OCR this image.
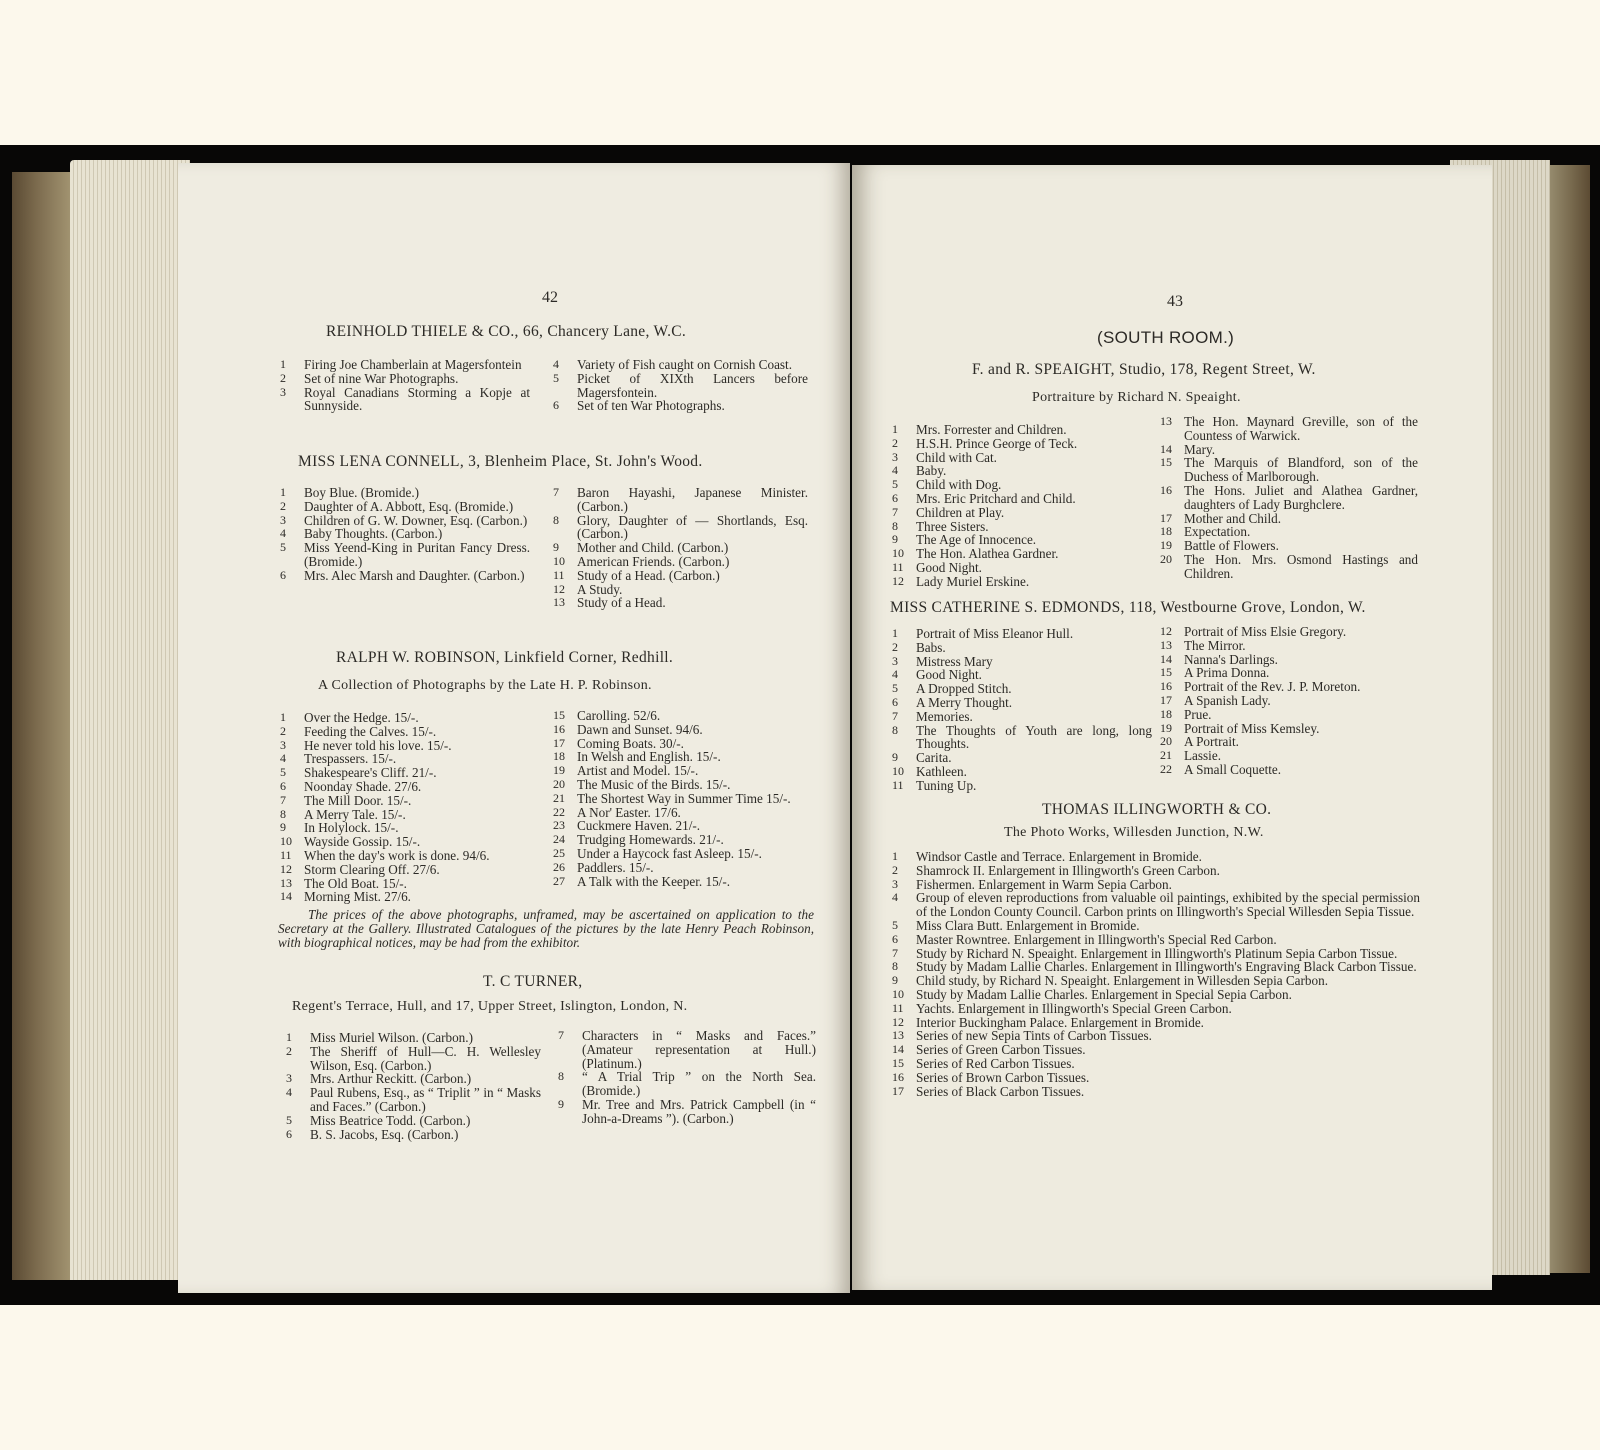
42
REINHOLD THIELE & CO., 66, Chancery Lane, W.C.
1	Firing Joe Chamberlain at Magersfontein
2	Set of nine War Photographs.
3	Royal Canadians Storming a Kopje at Sunnyside.
4	Variety of Fish caught on Cornish Coast.
5	Picket of XIXth Lancers before Magersfontein.
6	Set of ten War Photographs.
MISS LENA CONNELL, 3, Blenheim Place, St. John's Wood.
1	Boy Blue. (Bromide.)
2	Daughter of A. Abbott, Esq. (Bromide.)
3	Children of G. W. Downer, Esq. (Carbon.)
4	Baby Thoughts. (Carbon.)
5	Miss Yeend-King in Puritan Fancy Dress. (Bromide.)
6	Mrs. Alec Marsh and Daughter. (Carbon.)
7	Baron Hayashi, Japanese Minister. (Carbon.)
8	Glory, Daughter of — Shortlands, Esq. (Carbon.)
9	Mother and Child. (Carbon.)
10 American Friends. (Carbon.)
11 Study of a Head. (Carbon.)
12 A Study.
13 Study of a Head.
RALPH W. ROBINSON, Linkfield Corner, Redhill.
A Collection of Photographs by the Late H. P. Robinson.
1	Over the Hedge. 15/-.
2	Feeding the Calves. 15/-.
3	He never told his love. 15/-.
4	Trespassers. 15/-.
5	Shakespeare's Cliff. 21/-.
6	Noonday Shade. 27/6.
7	The Mill Door. 15/-.
8	A Merry Tale. 15/-.
9	In Holylock. 15/-.
10 Wayside Gossip. 15/-.
11 When the day's work is done. 94/6.
12 Storm Clearing Off. 27/6.
13 The Old Boat. 15/-.
14 Morning Mist. 27/6.
15 Carolling. 52/6.
16 Dawn and Sunset. 94/6.
17 Coming Boats. 30/-.
18 In Welsh and English. 15/-.
19 Artist and Model. 15/-.
20 The Music of the Birds. 15/-.
21 The Shortest Way in Summer Time 15/-.
22 A Nor' Easter. 17/6.
23 Cuckmere Haven. 21/-.
24 Trudging Homewards. 21/-.
25 Under a Haycock fast Asleep. 15/-.
26 Paddlers. 15/-.
27 A Talk with the Keeper. 15/-.
The prices of the above photographs, unframed, may be ascertained on application to the Secretary at the Gallery. Illustrated Catalogues of the pictures by the late Henry Peach Robinson, with biographical notices, may be had from the exhibitor.
T. C TURNER,
Regent's Terrace, Hull, and 17, Upper Street, Islington, London, N.
1	Miss Muriel Wilson. (Carbon.)
2	The Sheriff of Hull—C. H. Wellesley Wilson, Esq. (Carbon.)
3	Mrs. Arthur Reckitt. (Carbon.)
4	Paul Rubens, Esq., as “ Triplit ” in “ Masks and Faces.” (Carbon.)
5	Miss Beatrice Todd. (Carbon.)
6	B. S. Jacobs, Esq. (Carbon.)
7	Characters in “ Masks and Faces.” (Amateur representation at Hull.) (Platinum.)
8	“ A Trial Trip ” on the North Sea. (Bromide.)
9	Mr. Tree and Mrs. Patrick Campbell (in “ John-a-Dreams ”). (Carbon.)
43
(SOUTH ROOM.)
F. and R. SPEAIGHT, Studio, 178, Regent Street, W.
Portraiture by Richard N. Speaight.
1	Mrs. Forrester and Children.
2	H.S.H. Prince George of Teck.
3	Child with Cat.
4	Baby.
5	Child with Dog.
6	Mrs. Eric Pritchard and Child.
7	Children at Play.
8	Three Sisters.
9	The Age of Innocence.
10 The Hon. Alathea Gardner.
11 Good Night.
12 Lady Muriel Erskine.
13 The Hon. Maynard Greville, son of the Countess of Warwick.
14 Mary.
15 The Marquis of Blandford, son of the Duchess of Marlborough.
16 The Hons. Juliet and Alathea Gardner, daughters of Lady Burghclere.
17 Mother and Child.
18 Expectation.
19 Battle of Flowers.
20 The Hon. Mrs. Osmond Hastings and Children.
MISS CATHERINE S. EDMONDS, 118, Westbourne Grove, London, W.
1	Portrait of Miss Eleanor Hull.
2	Babs.
3	Mistress Mary
4	Good Night.
5	A Dropped Stitch.
6	A Merry Thought.
7	Memories.
8	The Thoughts of Youth are long, long Thoughts.
9	Carita.
10 Kathleen.
11 Tuning Up.
12 Portrait of Miss Elsie Gregory.
13 The Mirror.
14 Nanna's Darlings.
15 A Prima Donna.
16 Portrait of the Rev. J. P. Moreton.
17 A Spanish Lady.
18 Prue.
19 Portrait of Miss Kemsley.
20 A Portrait.
21 Lassie.
22 A Small Coquette.
THOMAS ILLINGWORTH & CO.
The Photo Works, Willesden Junction, N.W.
1	Windsor Castle and Terrace. Enlargement in Bromide.
2	Shamrock II. Enlargement in Illingworth's Green Carbon.
3	Fishermen. Enlargement in Warm Sepia Carbon.
4	Group of eleven reproductions from valuable oil paintings, exhibited by the special permission of the London County Council. Carbon prints on Illingworth's Special Willesden Sepia Tissue.
5	Miss Clara Butt. Enlargement in Bromide.
6	Master Rowntree. Enlargement in Illingworth's Special Red Carbon.
7	Study by Richard N. Speaight. Enlargement in Illingworth's Platinum Sepia Carbon Tissue.
8	Study by Madam Lallie Charles. Enlargement in Illingworth's Engraving Black Carbon Tissue.
9	Child study, by Richard N. Speaight. Enlargement in Willesden Sepia Carbon.
10 Study by Madam Lallie Charles. Enlargement in Special Sepia Carbon.
11 Yachts. Enlargement in Illingworth's Special Green Carbon.
12 Interior Buckingham Palace. Enlargement in Bromide.
13 Series of new Sepia Tints of Carbon Tissues.
14 Series of Green Carbon Tissues.
15 Series of Red Carbon Tissues.
16 Series of Brown Carbon Tissues.
17 Series of Black Carbon Tissues.
